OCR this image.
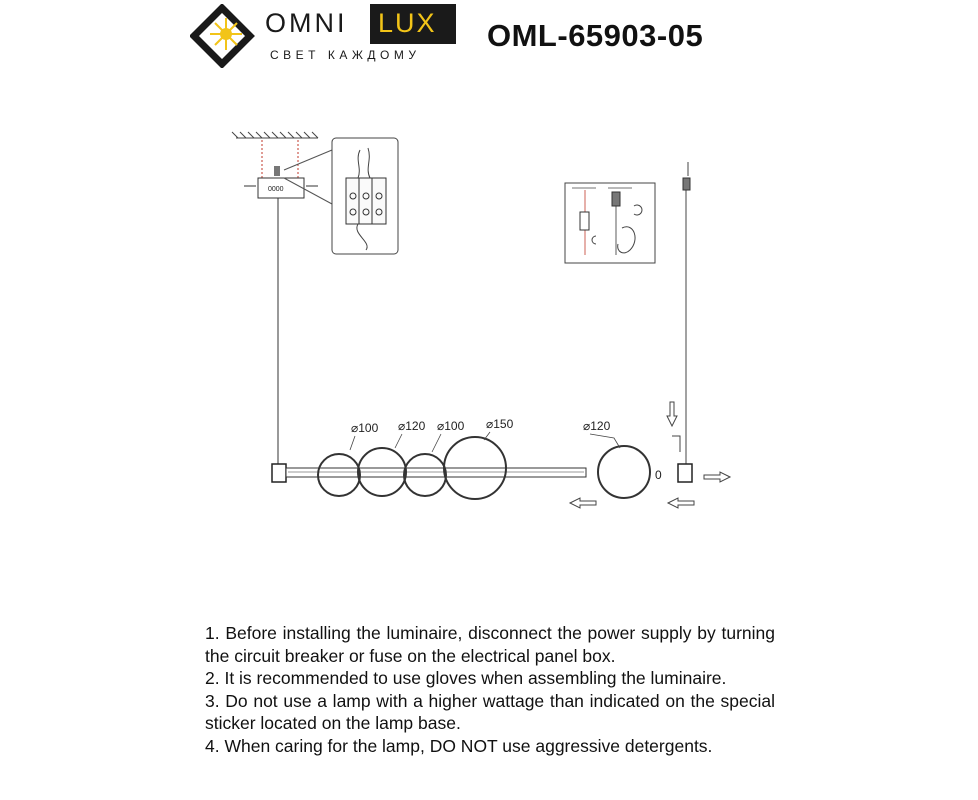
OMNI LUX
СВЕТ КАЖДОМУ
OML-65903-05
0000
⌀100 ⌀120 ⌀100 ⌀150	⌀120
0

1. Before installing the luminaire, disconnect the power supply by turning the circuit breaker or fuse on the electrical panel box.

2. It is recommended to use gloves when assembling the luminaire.

3. Do not use a lamp with a higher wattage than indicated on the special sticker located on the lamp base.

4. When caring for the lamp, DO NOT use aggressive detergents.
